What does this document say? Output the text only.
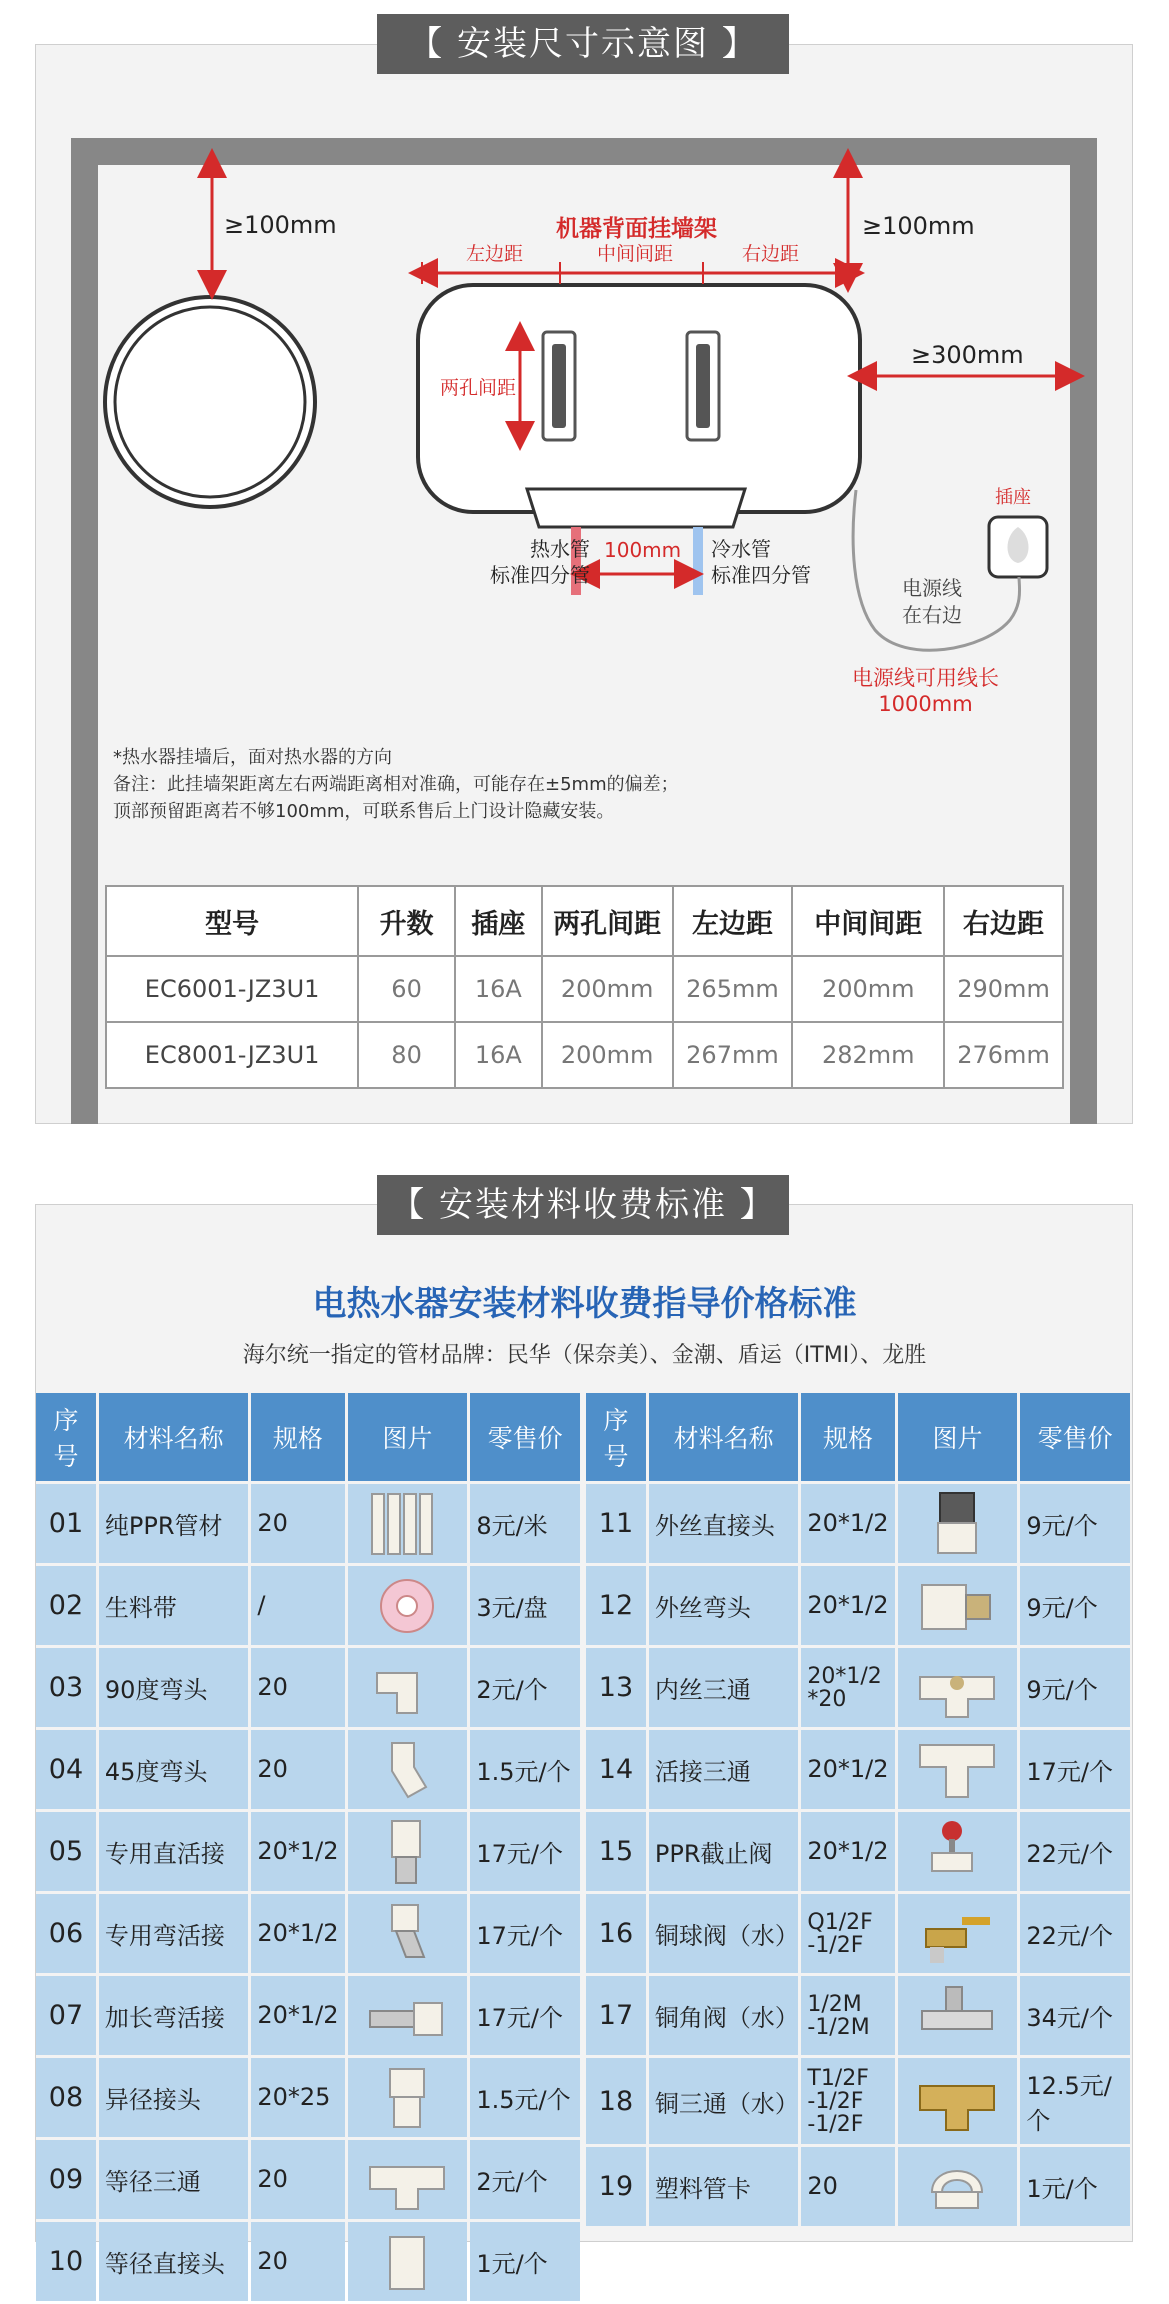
【 安装尺寸示意图 】
≥100mm	≥100mm
≥300mm
机器背面挂墙架
左边距	中间间距	右边距
两孔间距
100mm
热水管
标准四分管
冷水管
标准四分管
插座
电源线
在右边
电源线可用线长
1000mm
*热水器挂墙后，面对热水器的方向
备注：此挂墙架距离左右两端距离相对准确，可能存在±5mm的偏差；
顶部预留距离若不够100mm，可联系售后上门设计隐藏安装。
型号	升数	插座	两孔间距	左边距	中间间距	右边距
EC6001-JZ3U1	60	16A	200mm	265mm	200mm	290mm
EC8001-JZ3U1	80	16A	200mm	267mm	282mm	276mm
【 安装材料收费标准 】
电热水器安装材料收费指导价格标准
海尔统一指定的管材品牌：民华（保奈美）、金潮、盾运（ITMI）、龙胜
序号	材料名称	规格	图片	零售价
01	纯PPR管材	20		8元/米
02	生料带	/		3元/盘
03	90度弯头	20		2元/个
04	45度弯头	20		1.5元/个
05	专用直活接	20*1/2		17元/个
06	专用弯活接	20*1/2		17元/个
07	加长弯活接	20*1/2		17元/个
08	异径接头	20*25		1.5元/个
09	等径三通	20		2元/个
10	等径直接头	20		1元/个
序号	材料名称	规格	图片	零售价
11	外丝直接头	20*1/2		9元/个
12	外丝弯头	20*1/2		9元/个
13	内丝三通	20*1/2
*20		9元/个
14	活接三通	20*1/2		17元/个
15	PPR截止阀	20*1/2		22元/个
16	铜球阀（水）	Q1/2F
-1/2F		22元/个
17	铜角阀（水）	1/2M
-1/2M		34元/个
18	铜三通（水）	T1/2F
-1/2F
-1/2F		12.5元/个
19	塑料管卡	20		1元/个
